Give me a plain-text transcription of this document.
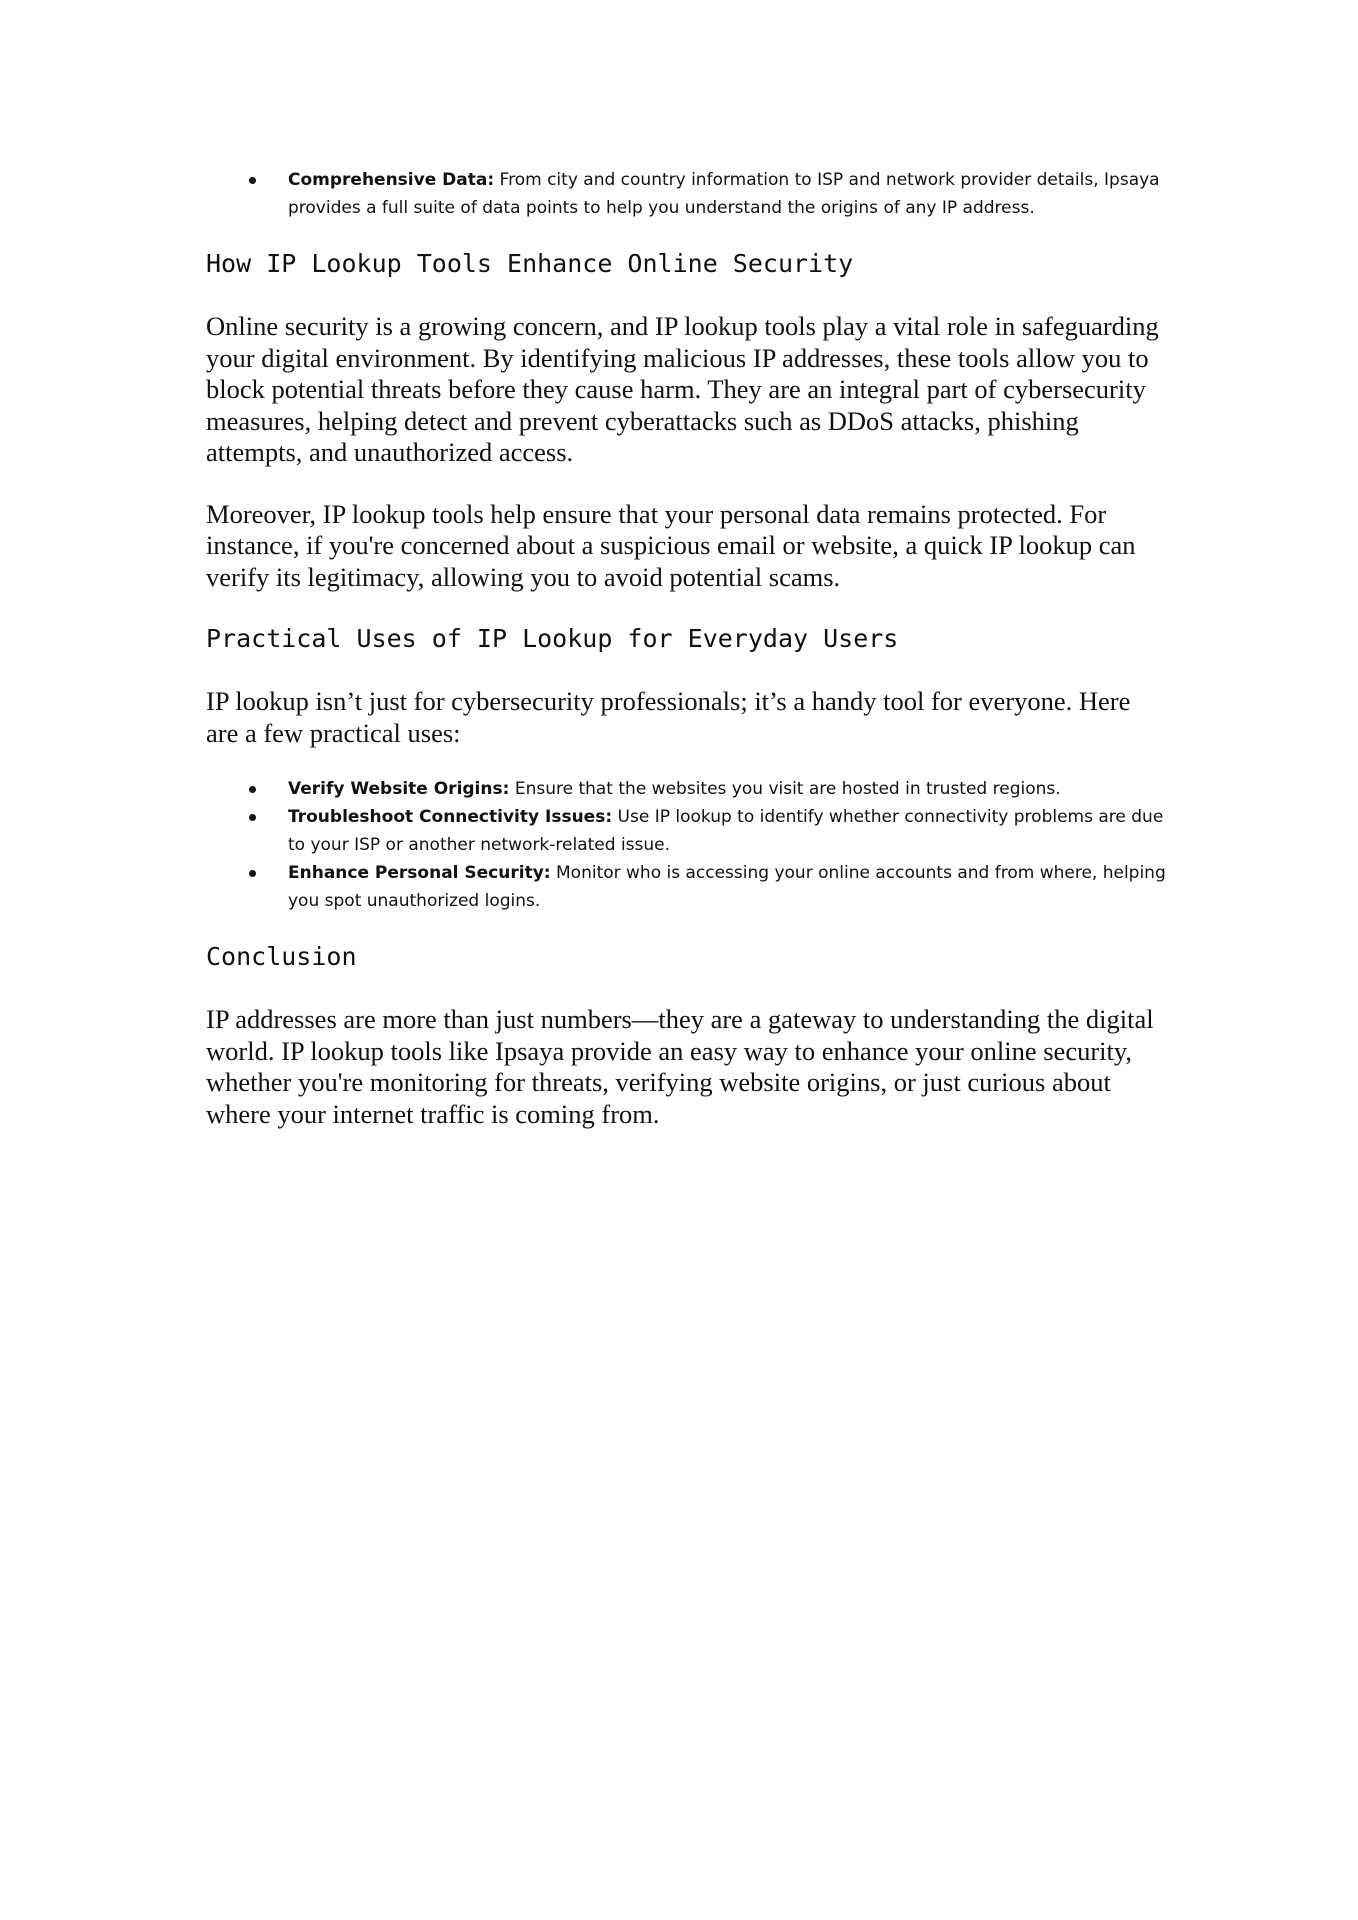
Comprehensive Data: From city and country information to ISP and network provider details, Ipsaya provides a full suite of data points to help you understand the origins of any IP address.
How IP Lookup Tools Enhance Online Security

Online security is a growing concern, and IP lookup tools play a vital role in safeguarding your digital environment. By identifying malicious IP addresses, these tools allow you to block potential threats before they cause harm. They are an integral part of cybersecurity measures, helping detect and prevent cyberattacks such as DDoS attacks, phishing attempts, and unauthorized access.

Moreover, IP lookup tools help ensure that your personal data remains protected. For instance, if you're concerned about a suspicious email or website, a quick IP lookup can verify its legitimacy, allowing you to avoid potential scams.

Practical Uses of IP Lookup for Everyday Users

IP lookup isn’t just for cybersecurity professionals; it’s a handy tool for everyone. Here are a few practical uses:

Verify Website Origins: Ensure that the websites you visit are hosted in trusted regions.
Troubleshoot Connectivity Issues: Use IP lookup to identify whether connectivity problems are due to your ISP or another network-related issue.
Enhance Personal Security: Monitor who is accessing your online accounts and from where, helping you spot unauthorized logins.
Conclusion

IP addresses are more than just numbers—they are a gateway to understanding the digital world. IP lookup tools like Ipsaya provide an easy way to enhance your online security, whether you're monitoring for threats, verifying website origins, or just curious about where your internet traffic is coming from.
